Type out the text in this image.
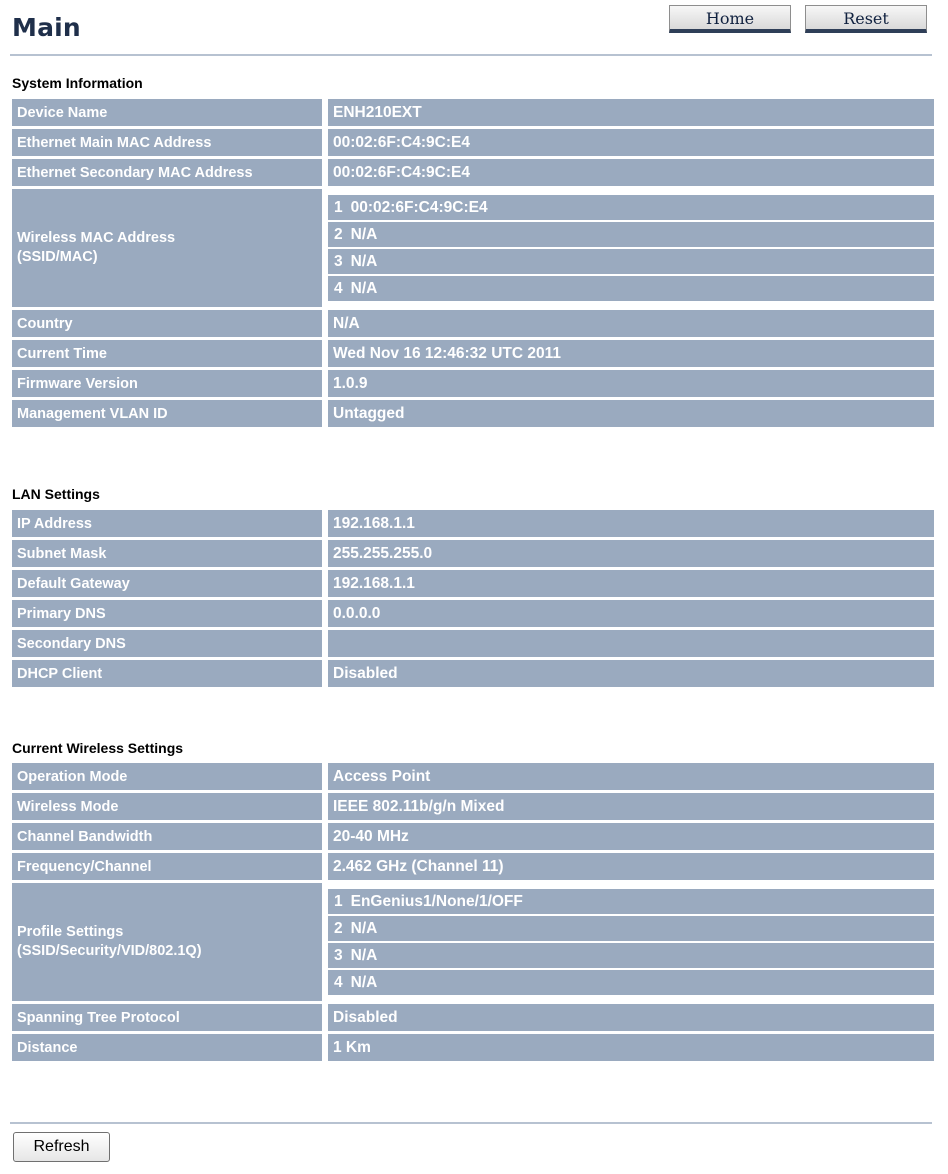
Main	Home	Reset
System Information
Device Name	ENH210EXT
Ethernet Main MAC Address	00:02:6F:C4:9C:E4
Ethernet Secondary MAC Address	00:02:6F:C4:9C:E4
Wireless MAC Address
(SSID/MAC)	
1	00:02:6F:C4:9C:E4
2	N/A
3	N/A
4	N/A

Country	N/A
Current Time	Wed Nov 16 12:46:32 UTC 2011
Firmware Version	1.0.9
Management VLAN ID	Untagged
LAN Settings
IP Address	192.168.1.1
Subnet Mask	255.255.255.0
Default Gateway	192.168.1.1
Primary DNS	0.0.0.0
Secondary DNS	
DHCP Client	Disabled
Current Wireless Settings
Operation Mode	Access Point
Wireless Mode	IEEE 802.11b/g/n Mixed
Channel Bandwidth	20-40 MHz
Frequency/Channel	2.462 GHz (Channel 11)
Profile Settings
(SSID/Security/VID/802.1Q)	
1	EnGenius1/None/1/OFF
2	N/A
3	N/A
4	N/A

Spanning Tree Protocol	Disabled
Distance	1 Km
Refresh
